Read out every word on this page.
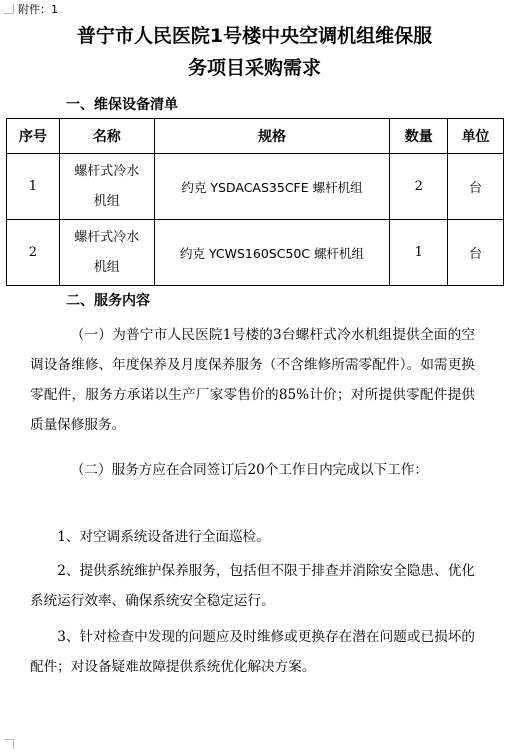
附件：1
普宁市人民医院1号楼中央空调机组维保服
务项目采购需求
一、维保设备清单
序号	名称	规格	数量	单位
1	螺杆式冷水机组	约克 YSDACAS35CFE 螺杆机组	2	台
2	螺杆式冷水机组	约克 YCWS160SC50C 螺杆机组	1	台
二、服务内容

（一）为普宁市人民医院1号楼的3台螺杆式冷水机组提供全面的空调设备维修、年度保养及月度保养服务（不含维修所需零配件）。如需更换零配件，服务方承诺以生产厂家零售价的85%计价；对所提供零配件提供质量保修服务。

（二）服务方应在合同签订后20个工作日内完成以下工作：

1、对空调系统设备进行全面巡检。

2、提供系统维护保养服务，包括但不限于排查并消除安全隐患、优化系统运行效率、确保系统安全稳定运行。

3、针对检查中发现的问题应及时维修或更换存在潜在问题或已损坏的配件；对设备疑难故障提供系统优化解决方案。
